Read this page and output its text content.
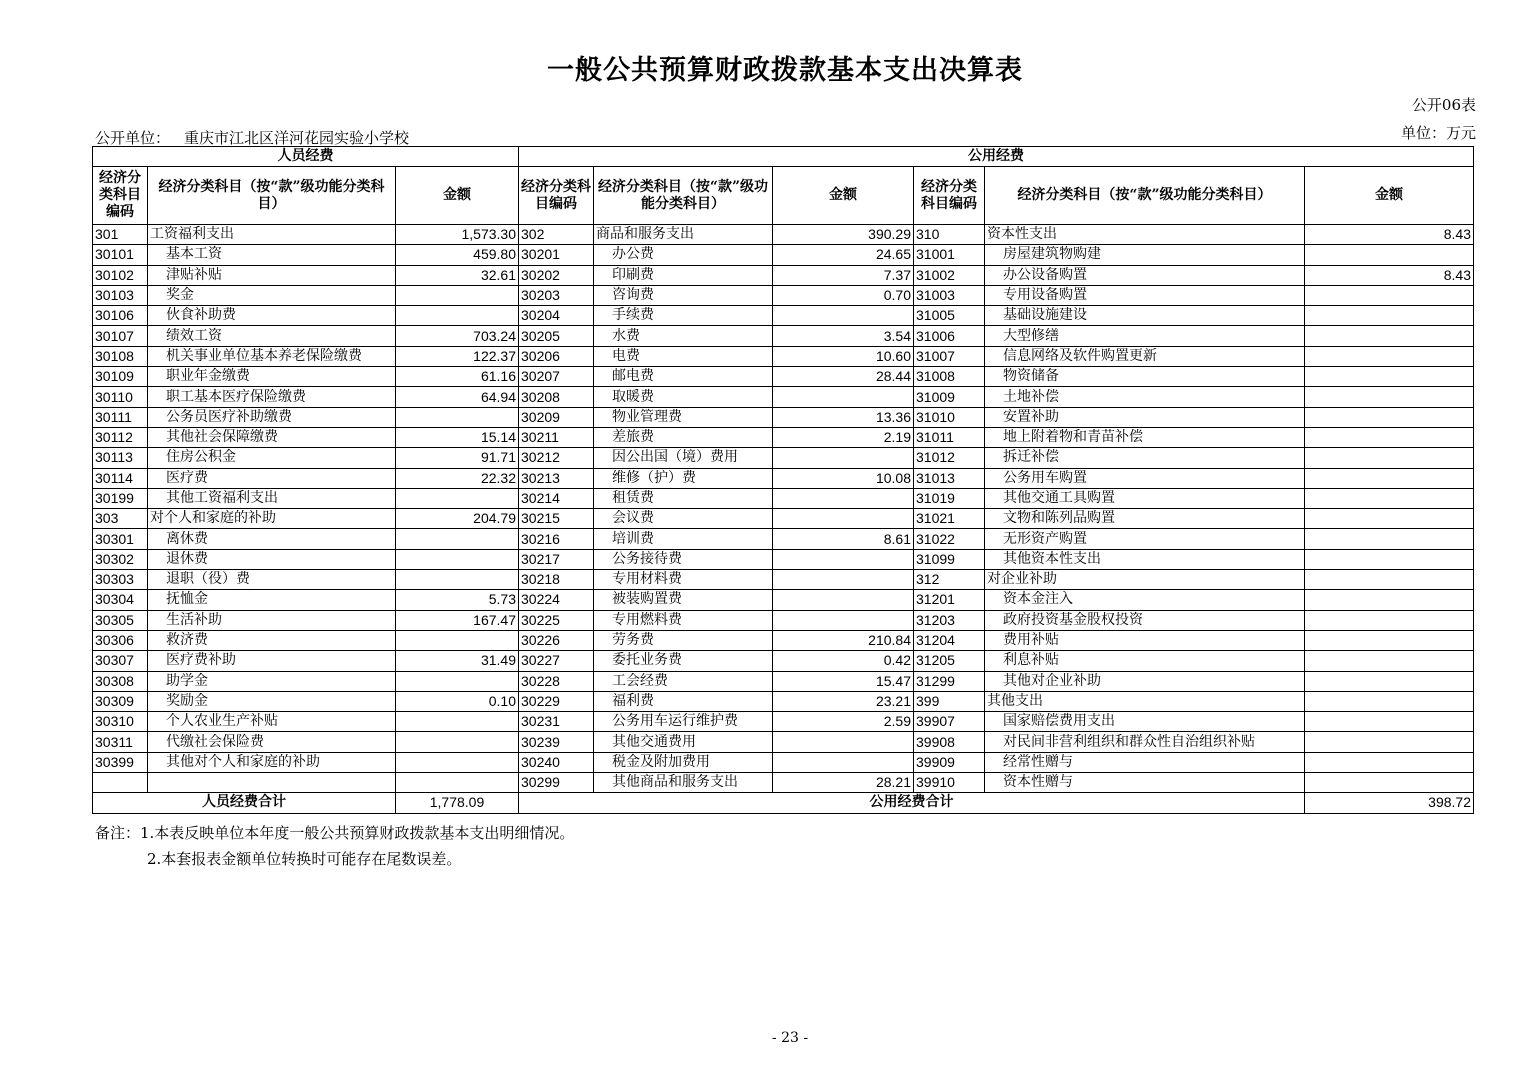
一般公共预算财政拨款基本支出决算表
公开06表
单位：万元
公开单位： 重庆市江北区洋河花园实验小学校
人员经费			公用经费					
经济分类科目编码	经济分类科目（按“款”级功能分类科目）	金额	经济分类科目编码	经济分类科目（按“款”级功能分类科目）	金额	经济分类科目编码	经济分类科目（按“款”级功能分类科目）	金额
301	工资福利支出	1,573.30	302	商品和服务支出	390.29	310	资本性支出	8.43
30101	基本工资	459.80	30201	办公费	24.65	31001	房屋建筑物购建	
30102	津贴补贴	32.61	30202	印刷费	7.37	31002	办公设备购置	8.43
30103	奖金		30203	咨询费	0.70	31003	专用设备购置	
30106	伙食补助费		30204	手续费		31005	基础设施建设	
30107	绩效工资	703.24	30205	水费	3.54	31006	大型修缮	
30108	机关事业单位基本养老保险缴费	122.37	30206	电费	10.60	31007	信息网络及软件购置更新	
30109	职业年金缴费	61.16	30207	邮电费	28.44	31008	物资储备	
30110	职工基本医疗保险缴费	64.94	30208	取暖费		31009	土地补偿	
30111	公务员医疗补助缴费		30209	物业管理费	13.36	31010	安置补助	
30112	其他社会保障缴费	15.14	30211	差旅费	2.19	31011	地上附着物和青苗补偿	
30113	住房公积金	91.71	30212	因公出国（境）费用		31012	拆迁补偿	
30114	医疗费	22.32	30213	维修（护）费	10.08	31013	公务用车购置	
30199	其他工资福利支出		30214	租赁费		31019	其他交通工具购置	
303	对个人和家庭的补助	204.79	30215	会议费		31021	文物和陈列品购置	
30301	离休费		30216	培训费	8.61	31022	无形资产购置	
30302	退休费		30217	公务接待费		31099	其他资本性支出	
30303	退职（役）费		30218	专用材料费		312	对企业补助	
30304	抚恤金	5.73	30224	被装购置费		31201	资本金注入	
30305	生活补助	167.47	30225	专用燃料费		31203	政府投资基金股权投资	
30306	救济费		30226	劳务费	210.84	31204	费用补贴	
30307	医疗费补助	31.49	30227	委托业务费	0.42	31205	利息补贴	
30308	助学金		30228	工会经费	15.47	31299	其他对企业补助	
30309	奖励金	0.10	30229	福利费	23.21	399	其他支出	
30310	个人农业生产补贴		30231	公务用车运行维护费	2.59	39907	国家赔偿费用支出	
30311	代缴社会保险费		30239	其他交通费用		39908	对民间非营利组织和群众性自治组织补贴	
30399	其他对个人和家庭的补助		30240	税金及附加费用		39909	经常性赠与	
			30299	其他商品和服务支出	28.21	39910	资本性赠与	
人员经费合计		1,778.09	公用经费合计					398.72
备注：1.本表反映单位本年度一般公共预算财政拨款基本支出明细情况。
2.本套报表金额单位转换时可能存在尾数误差。
- 23 -
